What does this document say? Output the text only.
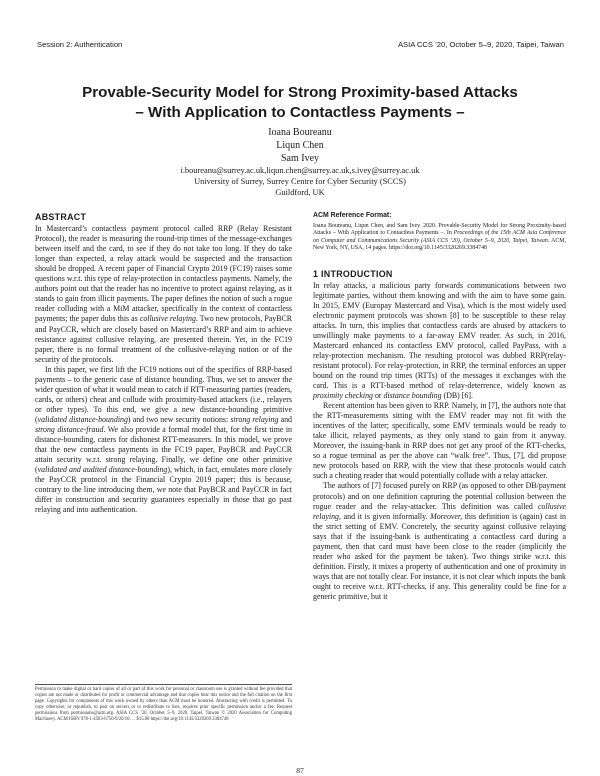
Session 2: Authentication	ASIA CCS ’20, October 5–9, 2020, Taipei, Taiwan
Provable-Security Model for Strong Proximity-based Attacks
– With Application to Contactless Payments –
Ioana Boureanu
Liqun Chen
Sam Ivey
i.boureanu@surrey.ac.uk,liqun.chen@surrey.ac.uk,s.ivey@surrey.ac.uk
University of Surrey, Surrey Centre for Cyber Security (SCCS)
Guildford, UK
ABSTRACT

In Mastercard’s contactless payment protocol called RRP (Relay Resistant Protocol), the reader is measuring the round-trip times of the message-exchanges between itself and the card, to see if they do not take too long. If they do take longer than expected, a relay attack would be suspected and the transaction should be dropped. A recent paper of Financial Crypto 2019 (FC19) raises some questions w.r.t. this type of relay-protection in contactless payments. Namely, the authors point out that the reader has no incentive to protect against relaying, as it stands to gain from illicit payments. The paper defines the notion of such a rogue reader colluding with a MiM attacker, specifically in the context of contactless payments; the paper dubs this as collusive relaying. Two new protocols, PayBCR and PayCCR, which are closely based on Mastercard’s RRP and aim to achieve resistance against collusive relaying, are presented therein. Yet, in the FC19 paper, there is no formal treatment of the collusive-relaying notion or of the security of the protocols.

In this paper, we first lift the FC19 notions out of the specifics of RRP-based payments – to the generic case of distance bounding. Thus, we set to answer the wider question of what it would mean to catch if RTT-measuring parties (readers, cards, or others) cheat and collude with proximity-based attackers (i.e., relayers or other types). To this end, we give a new distance-bounding primitive (validated distance-bounding) and two new security notions: strong relaying and strong distance-fraud. We also provide a formal model that, for the first time in distance-bounding, caters for dishonest RTT-measurers. In this model, we prove that the new contactless payments in the FC19 paper, PayBCR and PayCCR attain security w.r.t. strong relaying. Finally, we define one other primitive (validated and audited distance-bounding), which, in fact, emulates more closely the PayCCR protocol in the Financial Crypto 2019 paper; this is because, contrary to the line introducing them, we note that PayBCR and PayCCR in fact differ in construction and security guarantees especially in those that go past relaying and into authentication.

Permission to make digital or hard copies of all or part of this work for personal or classroom use is granted without fee provided that copies are not made or distributed for profit or commercial advantage and that copies bear this notice and the full citation on the first page. Copyrights for components of this work owned by others than ACM must be honored. Abstracting with credit is permitted. To copy otherwise, or republish, to post on servers or to redistribute to lists, requires prior specific permission and/or a fee. Request permissions from permissions@acm.org. ASIA CCS ’20, October 5–9, 2020, Taipei, Taiwan © 2020 Association for Computing Machinery. ACM ISBN 978-1-4503-6750-9/20/10. . . $15.00 https://doi.org/10.1145/3320269.3384748
ACM Reference Format:
Ioana Boureanu, Liqun Chen, and Sam Ivey. 2020. Provable-Security Model for Strong Proximity-based Attacks – With Application to Contactless Payments –. In Proceedings of the 15th ACM Asia Conference on Computer and Communications Security (ASIA CCS ’20), October 5–9, 2020, Taipei, Taiwan. ACM, New York, NY, USA, 14 pages. https://doi.org/10.1145/3320269.3384748
1 INTRODUCTION

In relay attacks, a malicious party forwards communications between two legitimate parties, without them knowing and with the aim to have some gain. In 2015, EMV (Europay Mastercard and Visa), which is the most widely used electronic payment protocols was shown [8] to be susceptible to these relay attacks. In turn, this implies that contactless cards are abused by attackers to unwillingly make payments to a far-away EMV reader. As such, in 2016, Mastercard enhanced its contactless EMV protocol, called PayPass, with a relay-protection mechanism. The resulting protocol was dubbed RRP(relay-resistant protocol). For relay-protection, in RRP, the terminal enforces an upper bound on the round trip times (RTTs) of the messages it exchanges with the card. This is a RTT-based method of relay-deterrence, widely known as proximity checking or distance bounding (DB) [6].

Recent attention has been given to RRP. Namely, in [7], the authors note that the RTT-measurements sitting with the EMV reader may not fit with the incentives of the latter; specifically, some EMV terminals would be ready to take illicit, relayed payments, as they only stand to gain from it anyway. Moreover, the issuing-bank in RRP does not get any proof of the RTT-checks, so a rogue terminal as per the above can “walk free”. Thus, [7], did propose new protocols based on RRP, with the view that these protocols would catch such a cheating reader that would potentially collude with a relay attacker.

The authors of [7] focused purely on RRP (as opposed to other DB/payment protocols) and on one definition capturing the potential collusion between the rogue reader and the relay-attacker. This definition was called collusive relaying, and it is given informally. Moreover, this definition is (again) cast in the strict setting of EMV. Concretely, the security against collusive relaying says that if the issuing-bank is authenticating a contactless card during a payment, then that card must have been close to the reader (implicitly the reader who asked for the payment be taken). Two things strike w.r.t. this definition. Firstly, it mixes a property of authentication and one of proximity in ways that are not totally clear. For instance, it is not clear which inputs the bank ought to receive w.r.t. RTT-checks, if any. This generality could be fine for a generic primitive, but it

87
